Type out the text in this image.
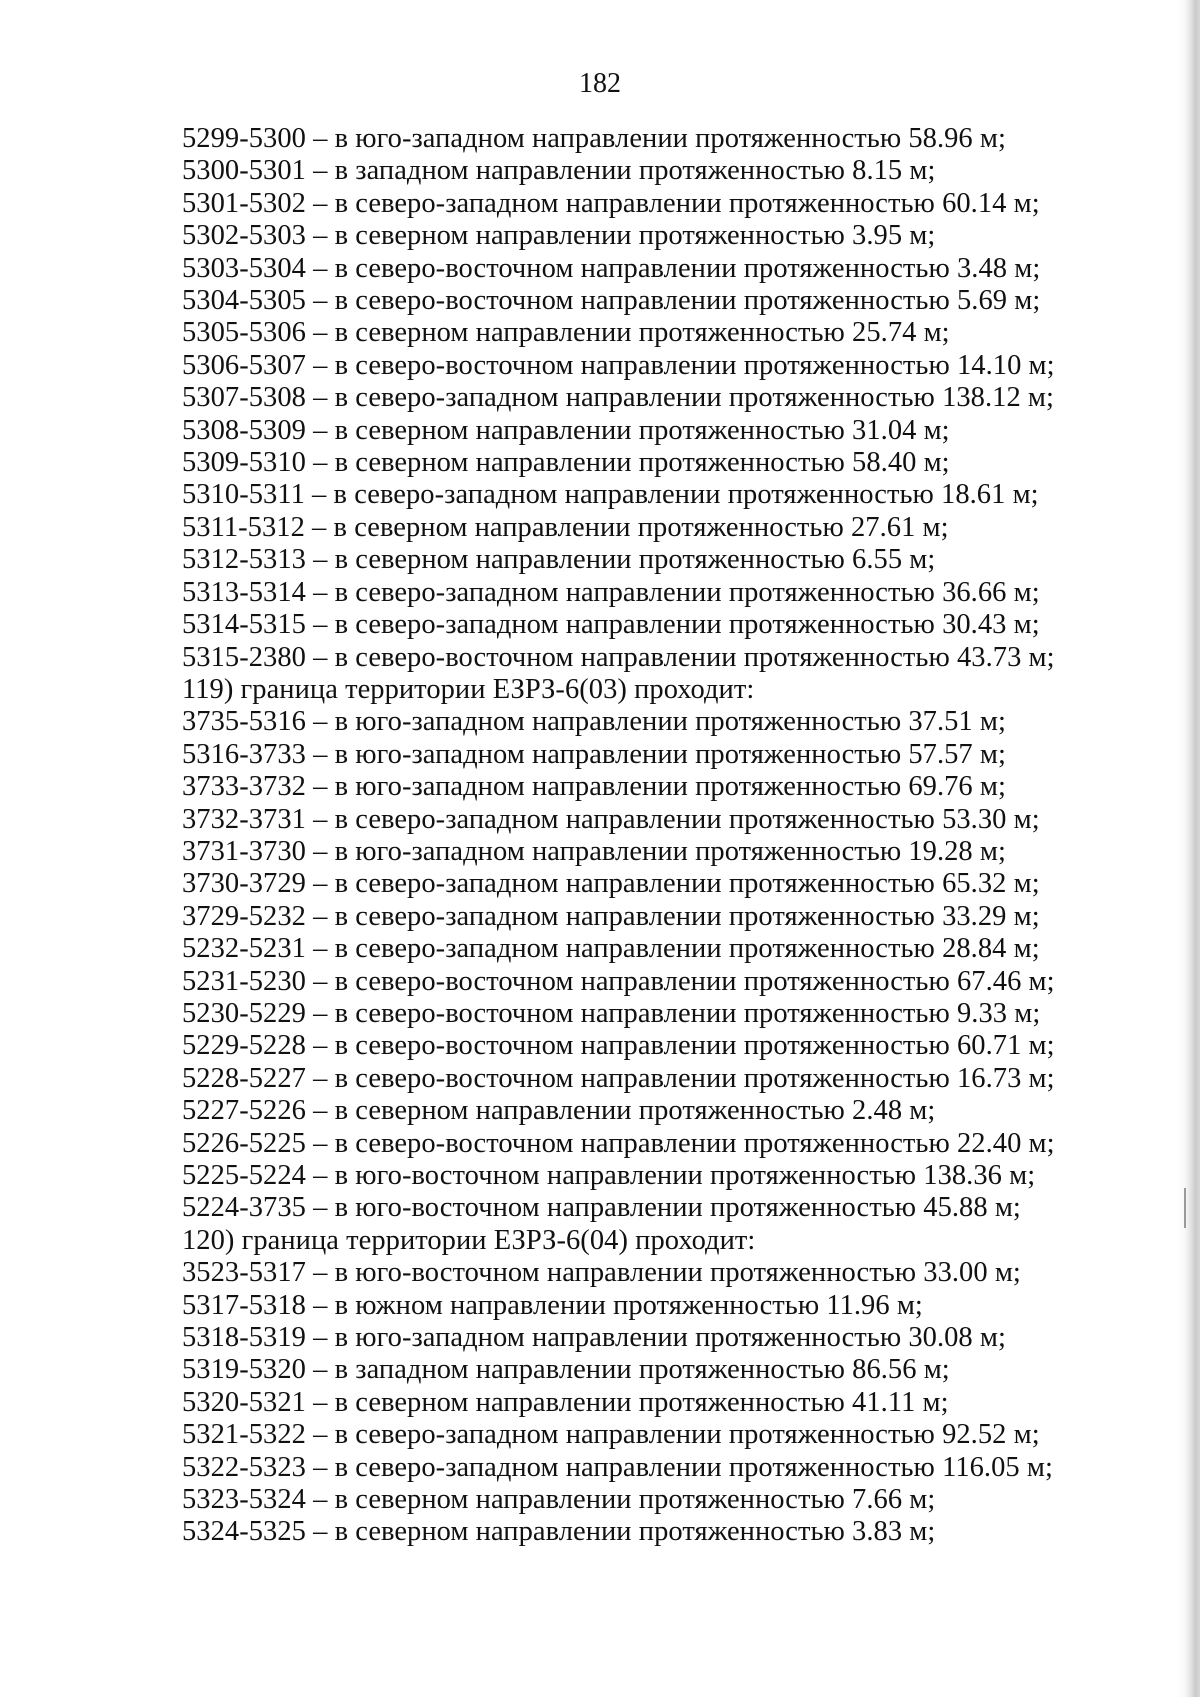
182
5299-5300 – в юго-западном направлении протяженностью 58.96 м;
5300-5301 – в западном направлении протяженностью 8.15 м;
5301-5302 – в северо-западном направлении протяженностью 60.14 м;
5302-5303 – в северном направлении протяженностью 3.95 м;
5303-5304 – в северо-восточном направлении протяженностью 3.48 м;
5304-5305 – в северо-восточном направлении протяженностью 5.69 м;
5305-5306 – в северном направлении протяженностью 25.74 м;
5306-5307 – в северо-восточном направлении протяженностью 14.10 м;
5307-5308 – в северо-западном направлении протяженностью 138.12 м;
5308-5309 – в северном направлении протяженностью 31.04 м;
5309-5310 – в северном направлении протяженностью 58.40 м;
5310-5311 – в северо-западном направлении протяженностью 18.61 м;
5311-5312 – в северном направлении протяженностью 27.61 м;
5312-5313 – в северном направлении протяженностью 6.55 м;
5313-5314 – в северо-западном направлении протяженностью 36.66 м;
5314-5315 – в северо-западном направлении протяженностью 30.43 м;
5315-2380 – в северо-восточном направлении протяженностью 43.73 м;
119) граница территории ЕЗРЗ-6(03) проходит:
3735-5316 – в юго-западном направлении протяженностью 37.51 м;
5316-3733 – в юго-западном направлении протяженностью 57.57 м;
3733-3732 – в юго-западном направлении протяженностью 69.76 м;
3732-3731 – в северо-западном направлении протяженностью 53.30 м;
3731-3730 – в юго-западном направлении протяженностью 19.28 м;
3730-3729 – в северо-западном направлении протяженностью 65.32 м;
3729-5232 – в северо-западном направлении протяженностью 33.29 м;
5232-5231 – в северо-западном направлении протяженностью 28.84 м;
5231-5230 – в северо-восточном направлении протяженностью 67.46 м;
5230-5229 – в северо-восточном направлении протяженностью 9.33 м;
5229-5228 – в северо-восточном направлении протяженностью 60.71 м;
5228-5227 – в северо-восточном направлении протяженностью 16.73 м;
5227-5226 – в северном направлении протяженностью 2.48 м;
5226-5225 – в северо-восточном направлении протяженностью 22.40 м;
5225-5224 – в юго-восточном направлении протяженностью 138.36 м;
5224-3735 – в юго-восточном направлении протяженностью 45.88 м;
120) граница территории ЕЗРЗ-6(04) проходит:
3523-5317 – в юго-восточном направлении протяженностью 33.00 м;
5317-5318 – в южном направлении протяженностью 11.96 м;
5318-5319 – в юго-западном направлении протяженностью 30.08 м;
5319-5320 – в западном направлении протяженностью 86.56 м;
5320-5321 – в северном направлении протяженностью 41.11 м;
5321-5322 – в северо-западном направлении протяженностью 92.52 м;
5322-5323 – в северо-западном направлении протяженностью 116.05 м;
5323-5324 – в северном направлении протяженностью 7.66 м;
5324-5325 – в северном направлении протяженностью 3.83 м;
